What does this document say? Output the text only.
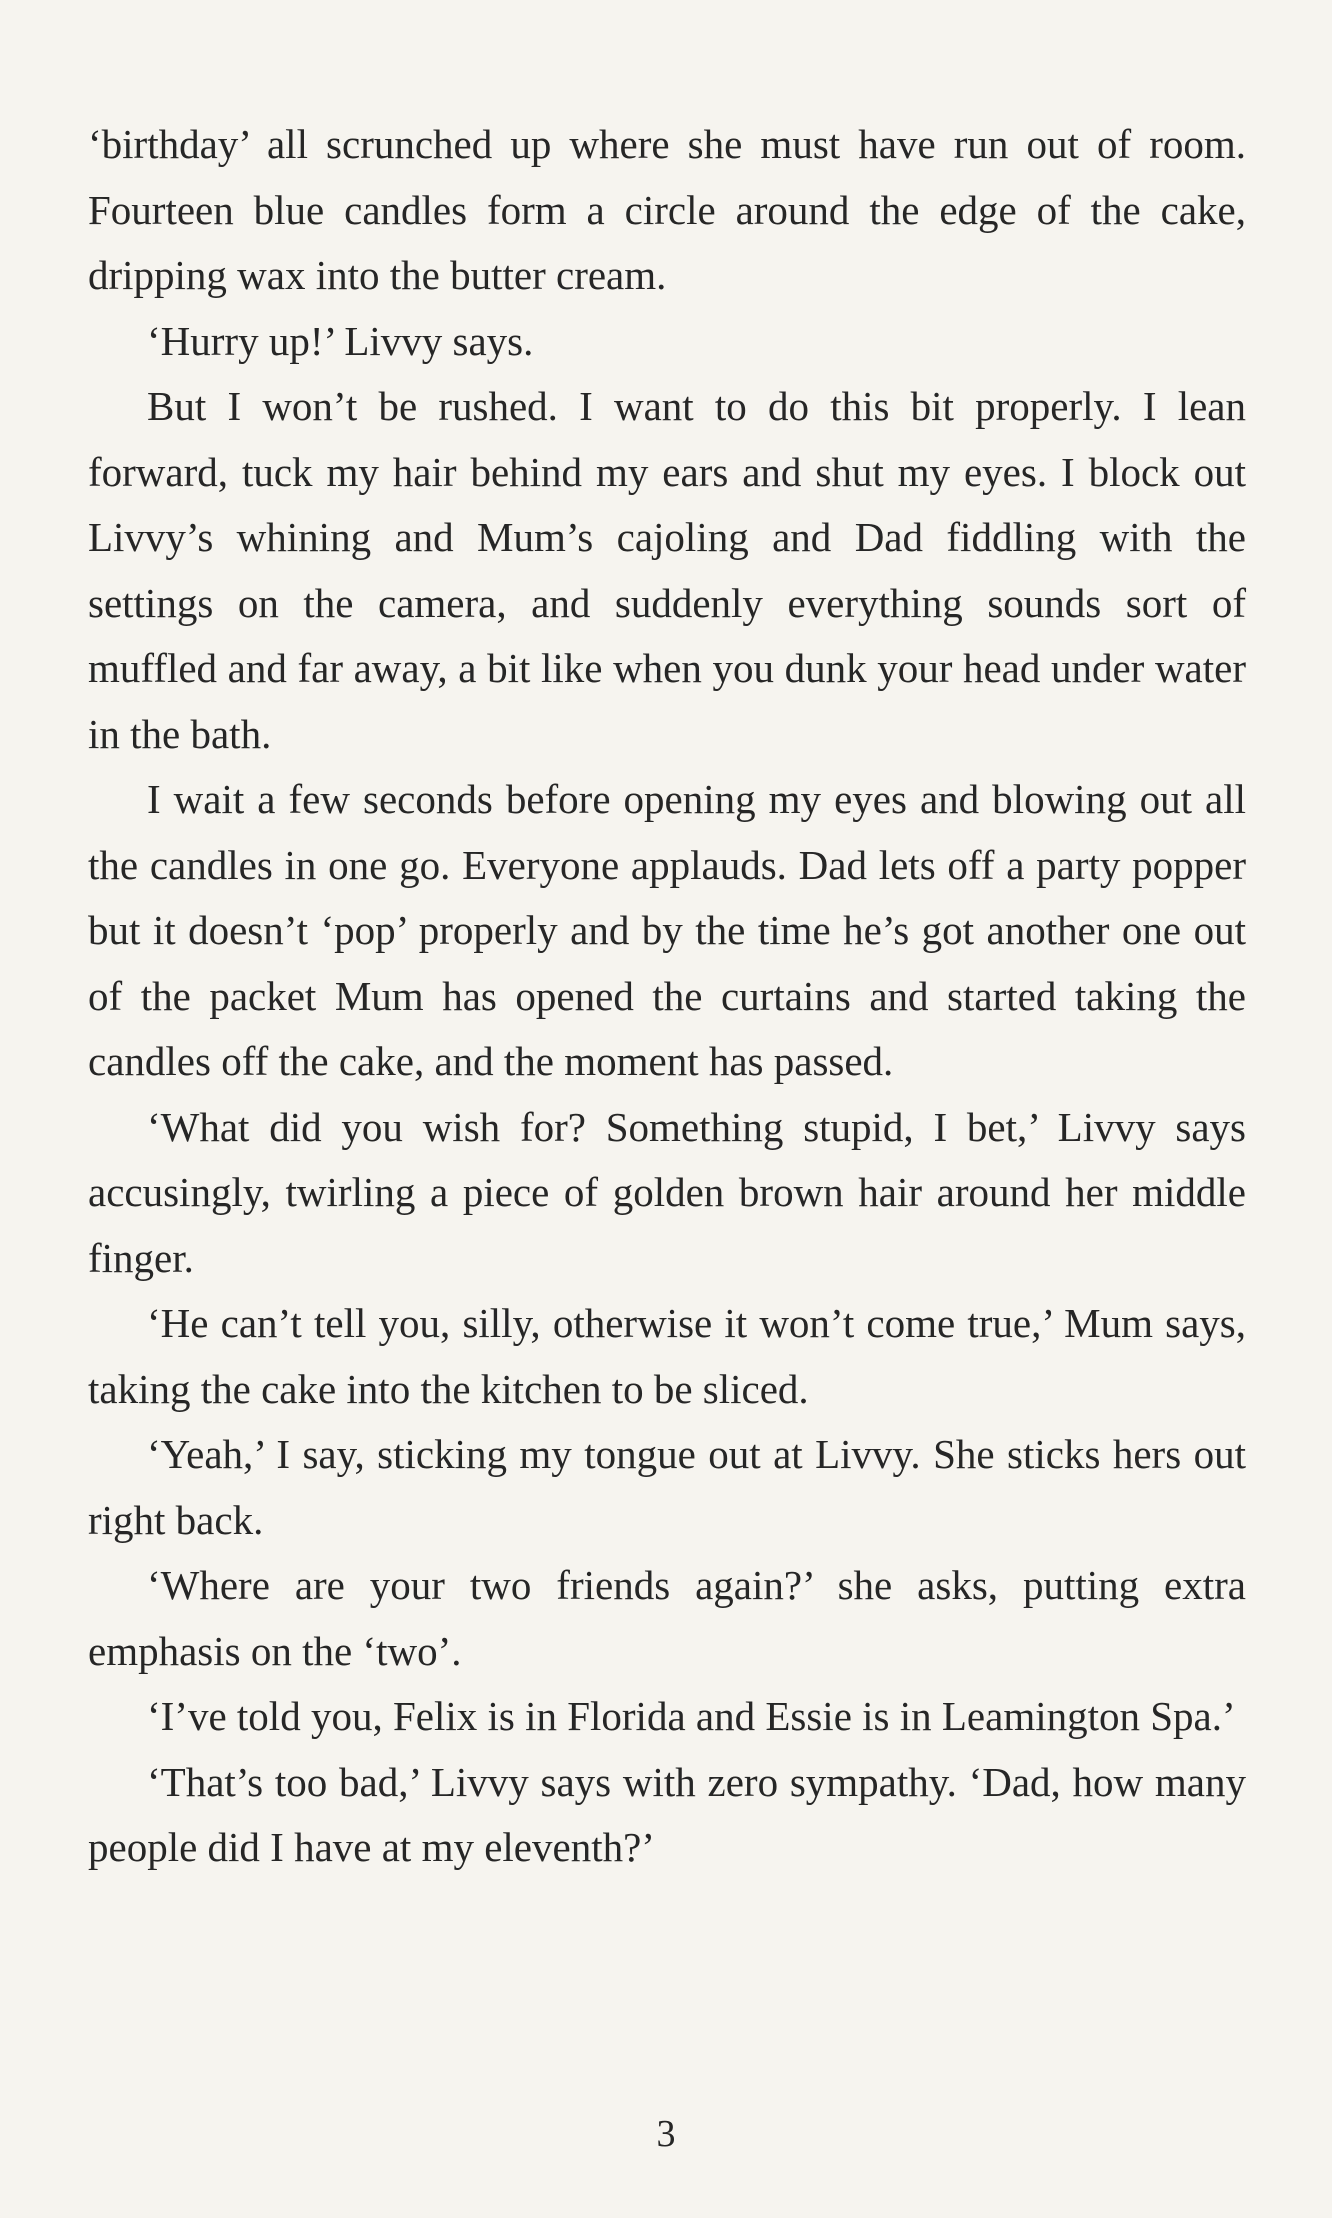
‘birthday’ all scrunched up where she must have run out of room. Fourteen blue candles form a circle around the edge of the cake, dripping wax into the butter cream.

‘Hurry up!’ Livvy says.

But I won’t be rushed. I want to do this bit properly. I lean forward, tuck my hair behind my ears and shut my eyes. I block out Livvy’s whining and Mum’s cajoling and Dad fiddling with the settings on the camera, and suddenly everything sounds sort of muffled and far away, a bit like when you dunk your head under water in the bath.

I wait a few seconds before opening my eyes and blowing out all the candles in one go. Everyone applauds. Dad lets off a party popper but it doesn’t ‘pop’ properly and by the time he’s got another one out of the packet Mum has opened the curtains and started taking the candles off the cake, and the moment has passed.

‘What did you wish for? Something stupid, I bet,’ Livvy says accusingly, twirling a piece of golden brown hair around her middle finger.

‘He can’t tell you, silly, otherwise it won’t come true,’ Mum says, taking the cake into the kitchen to be sliced.

‘Yeah,’ I say, sticking my tongue out at Livvy. She sticks hers out right back.

‘Where are your two friends again?’ she asks, putting extra emphasis on the ‘two’.

‘I’ve told you, Felix is in Florida and Essie is in Leamington Spa.’

‘That’s too bad,’ Livvy says with zero sympathy. ‘Dad, how many people did I have at my eleventh?’

3
